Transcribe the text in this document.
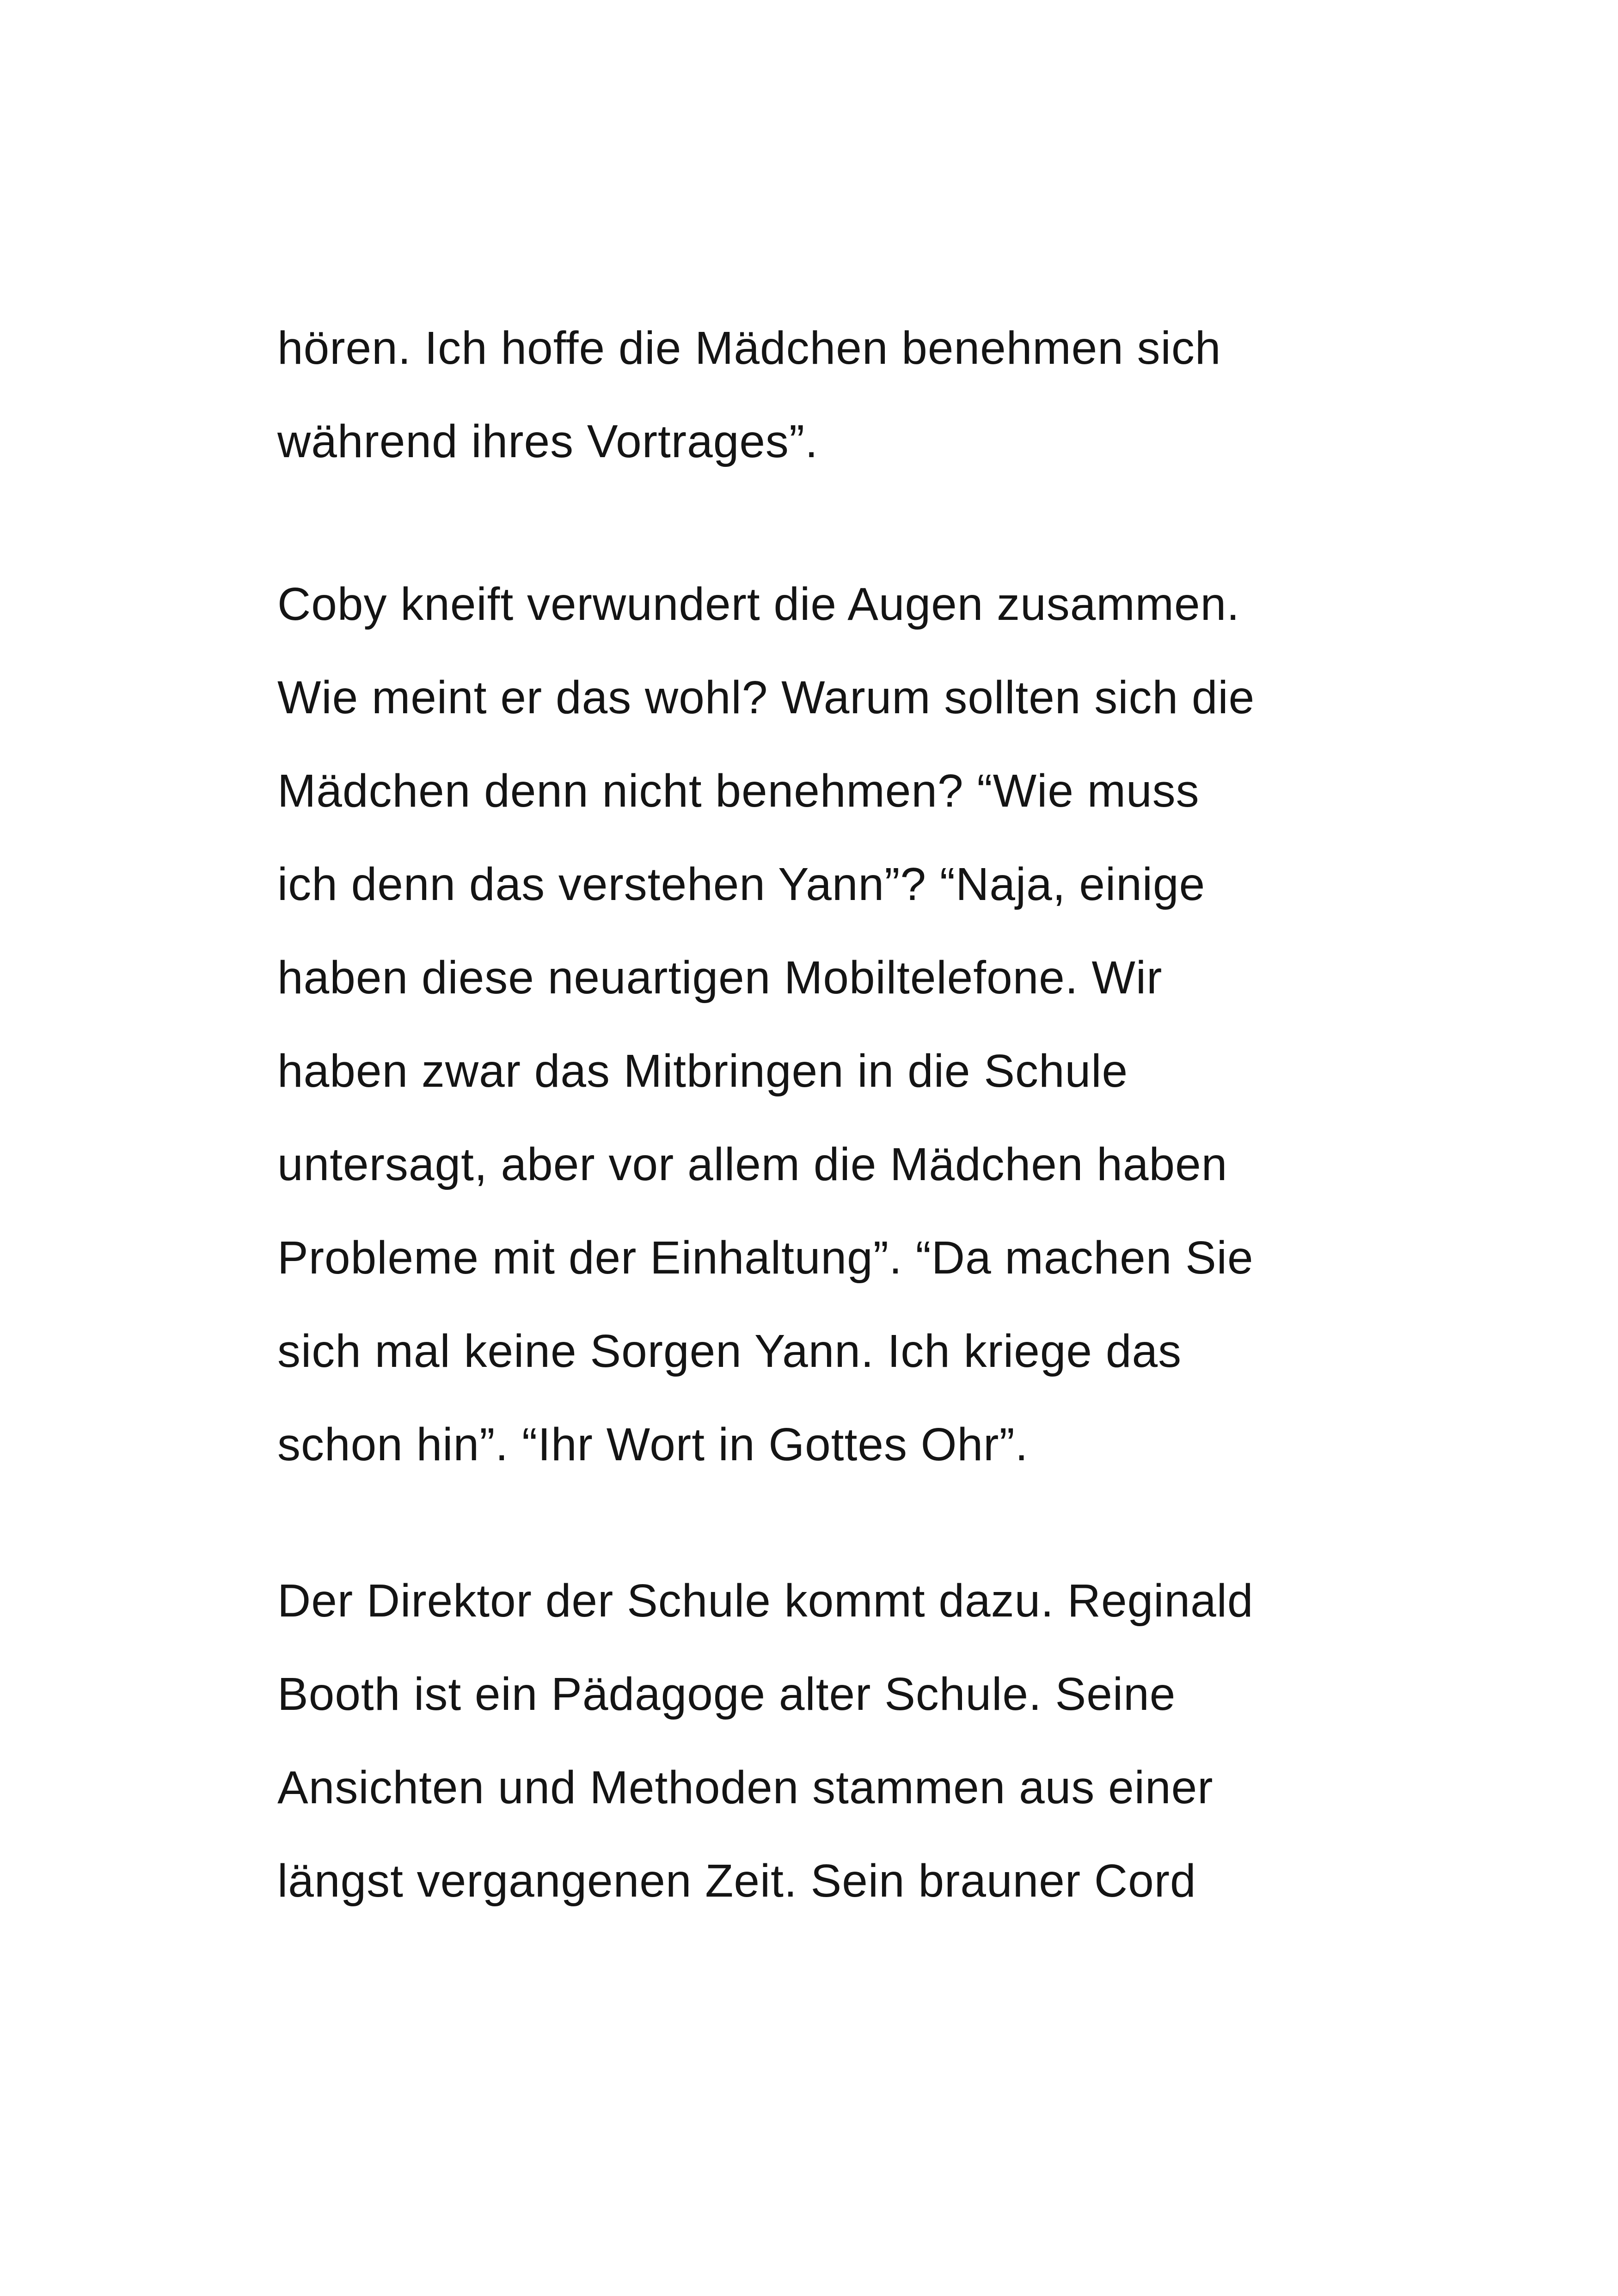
hören. Ich hoffe die Mädchen benehmen sich
während ihres Vortrages”.

Coby kneift verwundert die Augen zusammen.
Wie meint er das wohl? Warum sollten sich die
Mädchen denn nicht benehmen? “Wie muss
ich denn das verstehen Yann”? “Naja, einige
haben diese neuartigen Mobiltelefone. Wir
haben zwar das Mitbringen in die Schule
untersagt, aber vor allem die Mädchen haben
Probleme mit der Einhaltung”. “Da machen Sie
sich mal keine Sorgen Yann. Ich kriege das
schon hin”. “Ihr Wort in Gottes Ohr”.

Der Direktor der Schule kommt dazu. Reginald
Booth ist ein Pädagoge alter Schule. Seine
Ansichten und Methoden stammen aus einer
längst vergangenen Zeit. Sein brauner Cord
